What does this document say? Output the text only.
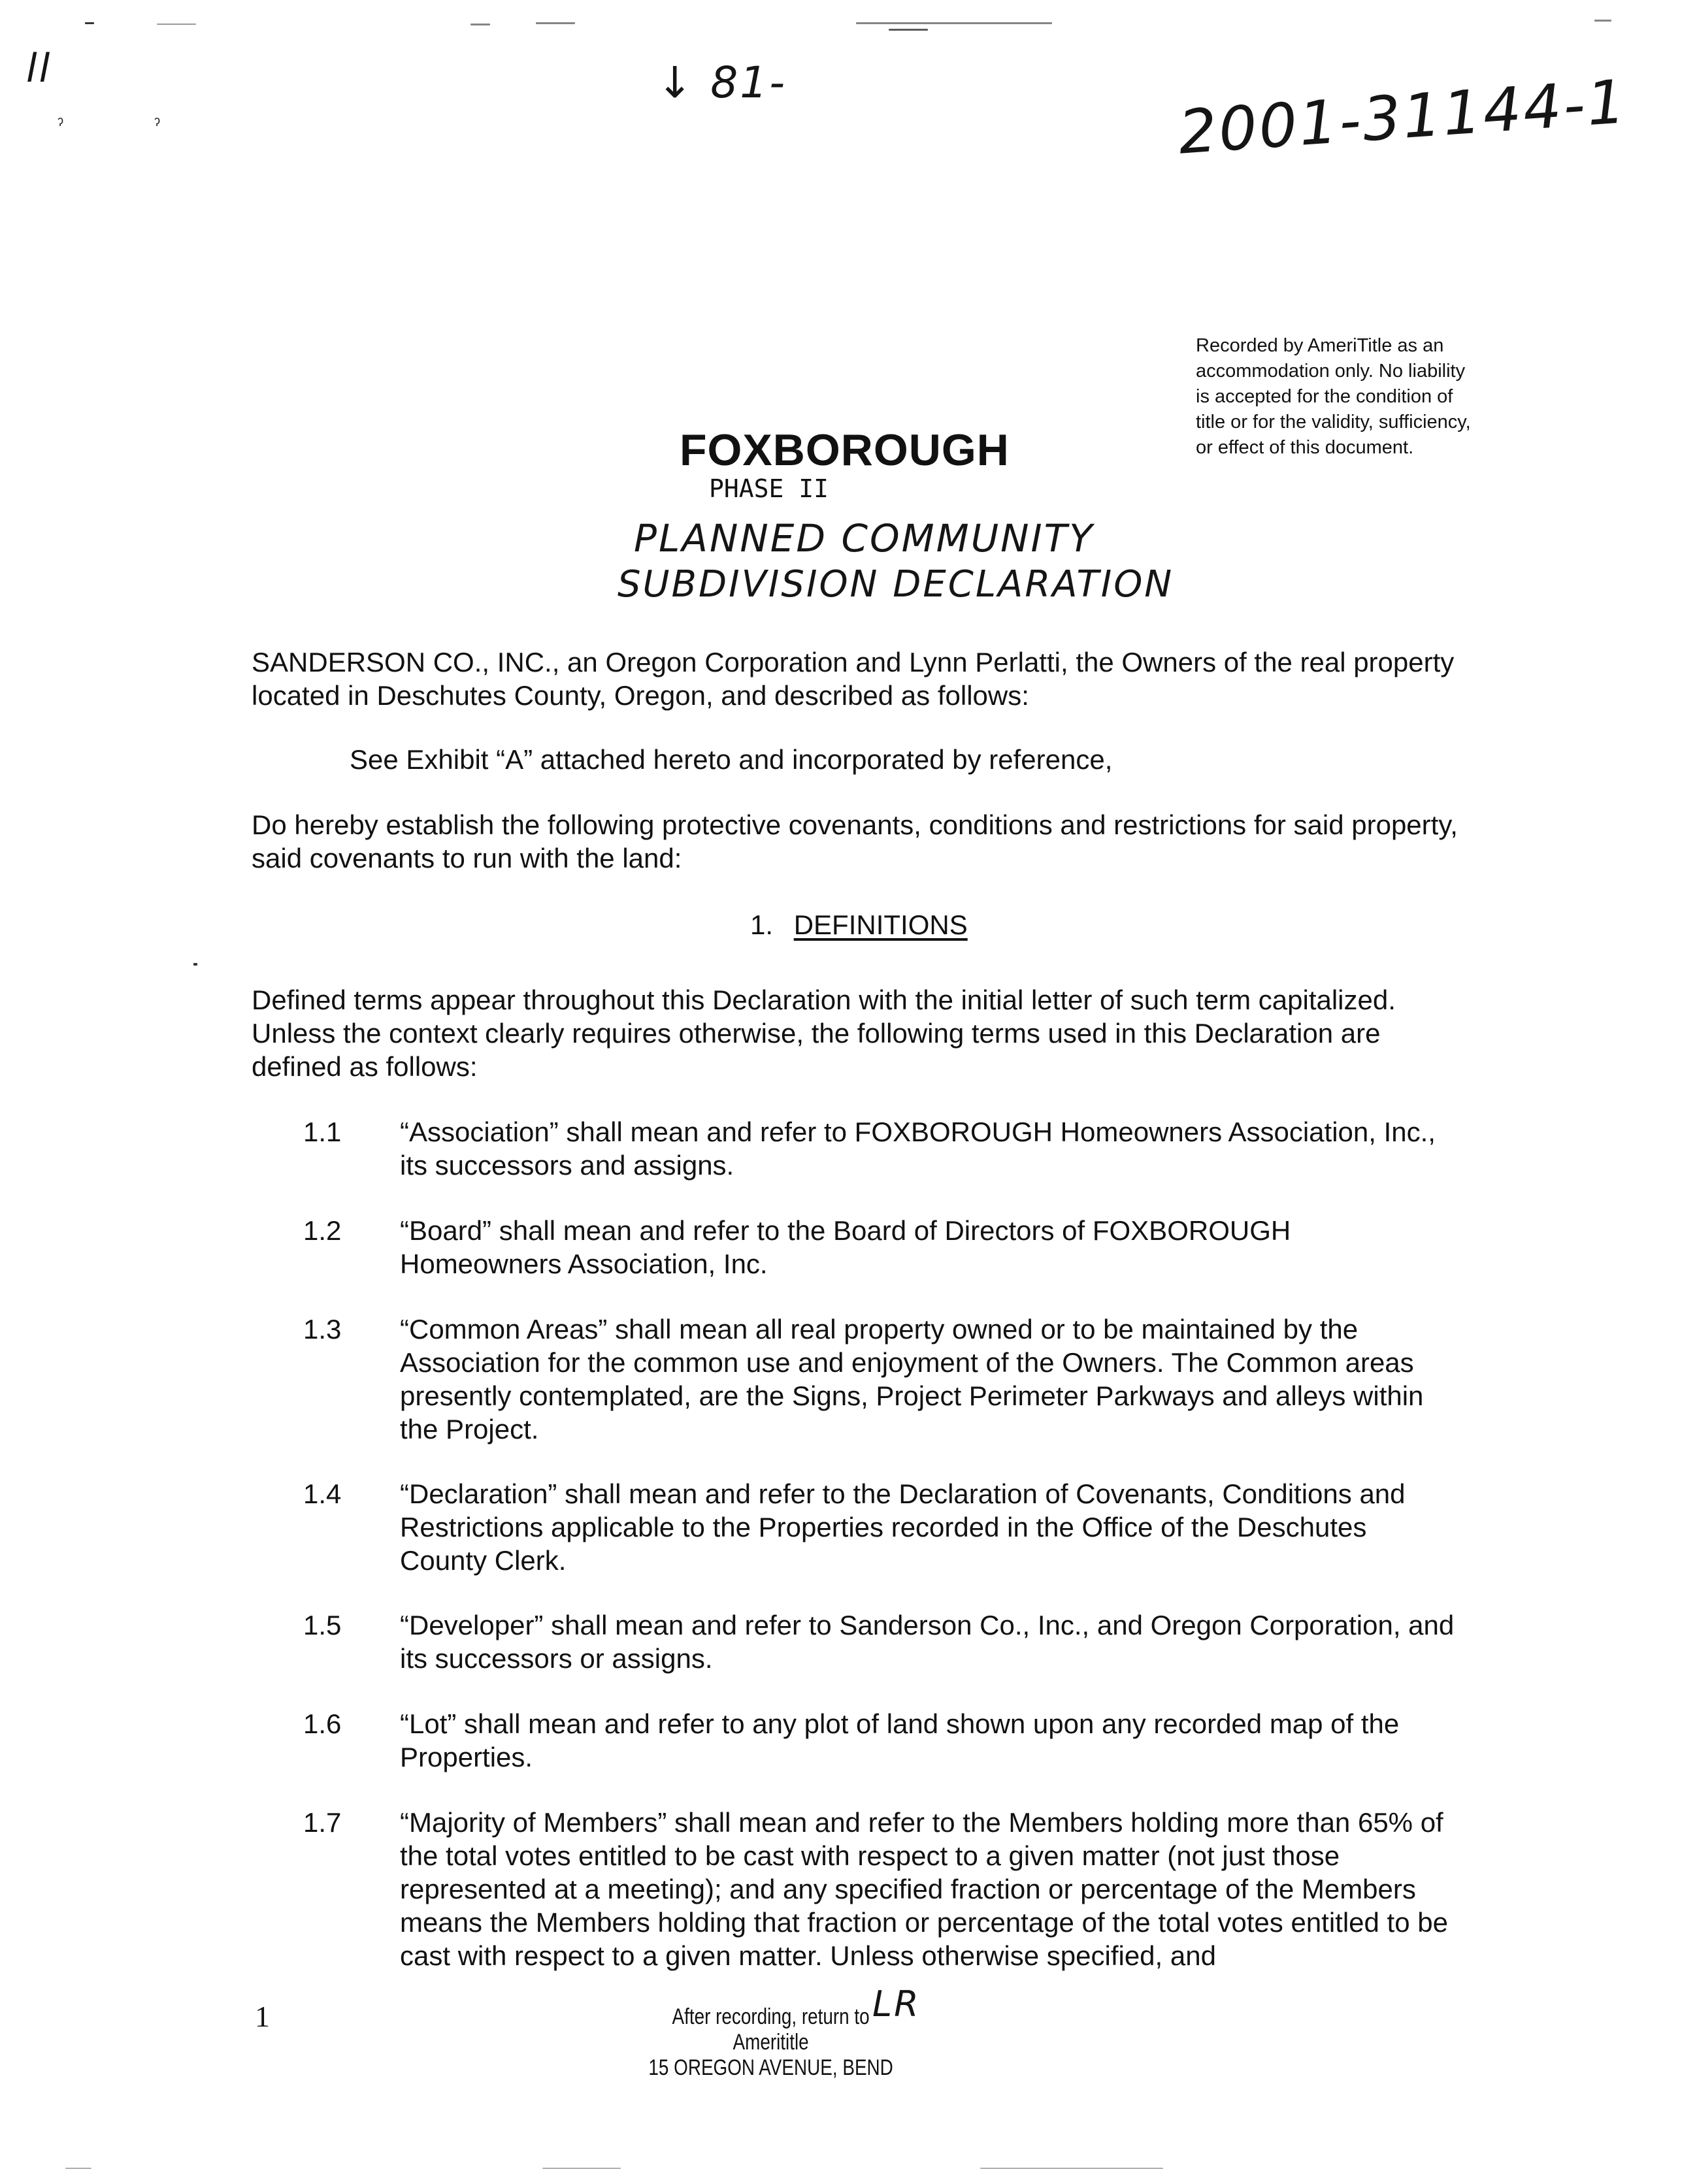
ll
ˀ	ˀ
↓ 81-	2001-31144-1
Recorded by AmeriTitle as an
accommodation only. No liability
is accepted for the condition of
title or for the validity, sufficiency,
or effect of this document.
FOXBOROUGH
PHASE II
PLANNED COMMUNITY
SUBDIVISION DECLARATION
SANDERSON CO., INC., an Oregon Corporation and Lynn Perlatti, the Owners of the real property located in Deschutes County, Oregon, and described as follows:
See Exhibit “A” attached hereto and incorporated by reference,
Do hereby establish the following protective covenants, conditions and restrictions for said property, said covenants to run with the land:
1. DEFINITIONS
Defined terms appear throughout this Declaration with the initial letter of such term capitalized. Unless the context clearly requires otherwise, the following terms used in this Declaration are defined as follows:
1.1 “Association” shall mean and refer to FOXBOROUGH Homeowners Association, Inc., its successors and assigns.
1.2 “Board” shall mean and refer to the Board of Directors of FOXBOROUGH Homeowners Association, Inc.
1.3 “Common Areas” shall mean all real property owned or to be maintained by the Association for the common use and enjoyment of the Owners. The Common areas presently contemplated, are the Signs, Project Perimeter Parkways and alleys within the Project.
1.4 “Declaration” shall mean and refer to the Declaration of Covenants, Conditions and Restrictions applicable to the Properties recorded in the Office of the Deschutes County Clerk.
1.5 “Developer” shall mean and refer to Sanderson Co., Inc., and Oregon Corporation, and its successors or assigns.
1.6 “Lot” shall mean and refer to any plot of land shown upon any recorded map of the Properties.
1.7 “Majority of Members” shall mean and refer to the Members holding more than 65% of the total votes entitled to be cast with respect to a given matter (not just those represented at a meeting); and any specified fraction or percentage of the Members means the Members holding that fraction or percentage of the total votes entitled to be cast with respect to a given matter. Unless otherwise specified, and
1	After recording, return to
Amerititle
15 OREGON AVENUE, BEND
LR
